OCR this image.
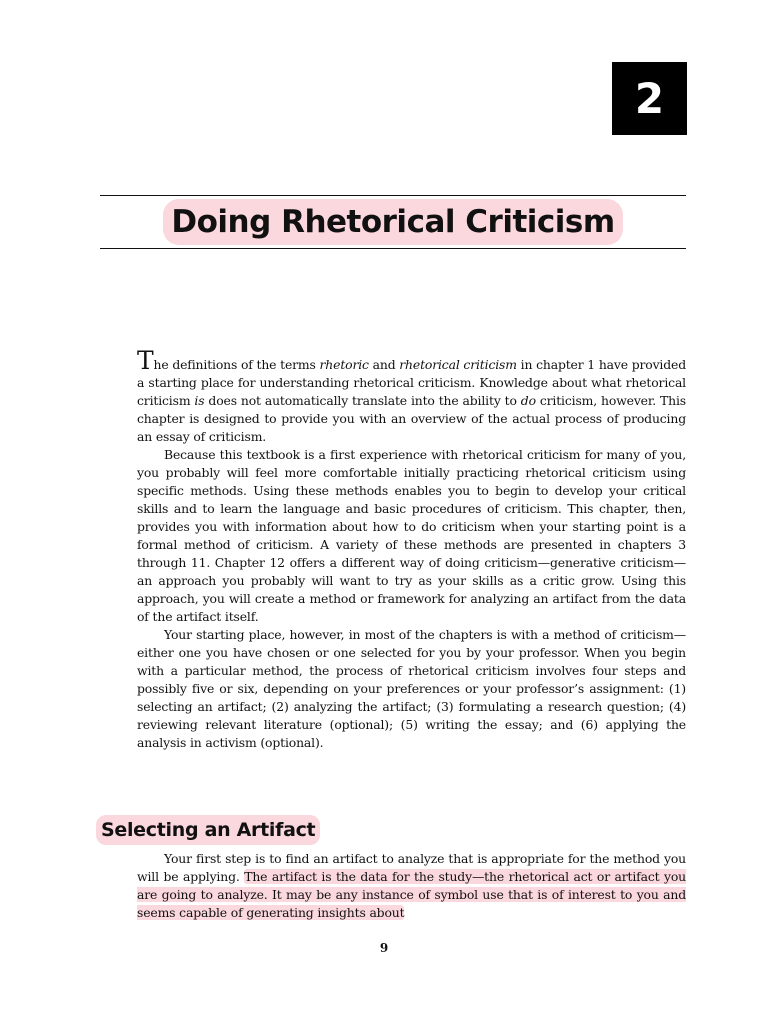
2
Doing Rhetorical Criticism

The definitions of the terms rhetoric and rhetorical criticism in chapter 1 have provided a starting place for understanding rhetorical criticism. Knowledge about what rhetorical criticism is does not automatically translate into the ability to do criticism, however. This chapter is designed to provide you with an overview of the actual process of producing an essay of criticism.

Because this textbook is a first experience with rhetorical criticism for many of you, you probably will feel more comfortable initially practicing rhetorical criticism using specific methods. Using these methods enables you to begin to develop your critical skills and to learn the language and basic procedures of criticism. This chapter, then, provides you with information about how to do criticism when your starting point is a formal method of criticism. A variety of these methods are presented in chapters 3 through 11. Chapter 12 offers a different way of doing criticism—generative criticism—an approach you probably will want to try as your skills as a critic grow. Using this approach, you will create a method or framework for analyzing an artifact from the data of the artifact itself.

Your starting place, however, in most of the chapters is with a method of criticism—either one you have chosen or one selected for you by your professor. When you begin with a particular method, the process of rhetorical criticism involves four steps and possibly five or six, depending on your preferences or your professor’s assignment: (1) selecting an artifact; (2) analyzing the artifact; (3) formulating a research question; (4) reviewing relevant literature (optional); (5) writing the essay; and (6) applying the analysis in activism (optional).

Selecting an Artifact

Your first step is to find an artifact to analyze that is appropriate for the method you will be applying. The artifact is the data for the study—the rhetorical act or artifact you are going to analyze. It may be any instance of symbol use that is of interest to you and seems capable of generating insights about

9
